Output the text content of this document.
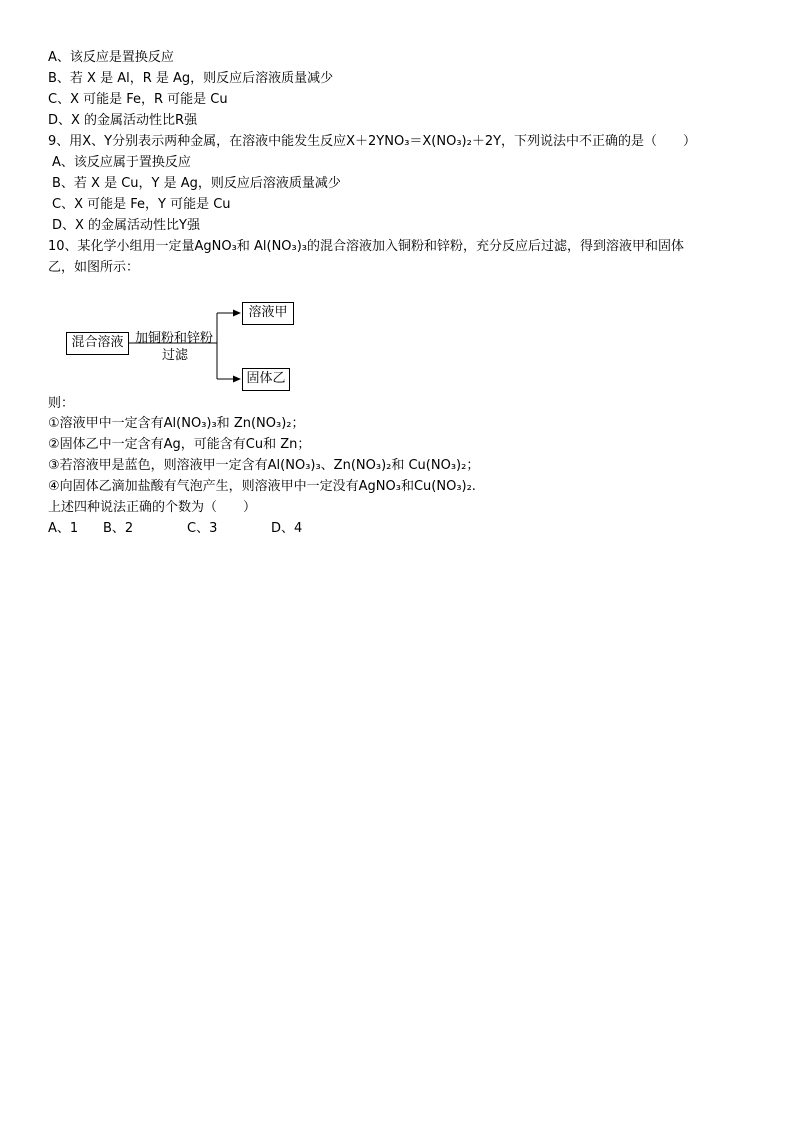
A、该反应是置换反应
B、若 X 是 Al，R 是 Ag，则反应后溶液质量减少
C、X 可能是 Fe，R 可能是 Cu
D、X 的金属活动性比R强
9、用X、Y分别表示两种金属，在溶液中能发生反应X＋2YNO₃＝X(NO₃)₂＋2Y，下列说法中不正确的是（　　）
A、该反应属于置换反应
B、若 X 是 Cu，Y 是 Ag，则反应后溶液质量减少
C、X 可能是 Fe，Y 可能是 Cu
D、X 的金属活动性比Y强
10、某化学小组用一定量AgNO₃和 Al(NO₃)₃的混合溶液加入铜粉和锌粉，充分反应后过滤，得到溶液甲和固体
乙，如图所示：
混合溶液 加铜粉和锌粉
过滤
溶液甲
固体乙
则：
①溶液甲中一定含有Al(NO₃)₃和 Zn(NO₃)₂；
②固体乙中一定含有Ag，可能含有Cu和 Zn；
③若溶液甲是蓝色，则溶液甲一定含有Al(NO₃)₃、Zn(NO₃)₂和 Cu(NO₃)₂；
④向固体乙滴加盐酸有气泡产生，则溶液甲中一定没有AgNO₃和Cu(NO₃)₂.
上述四种说法正确的个数为（　　）
A、1 B、2	C、3	D、4
